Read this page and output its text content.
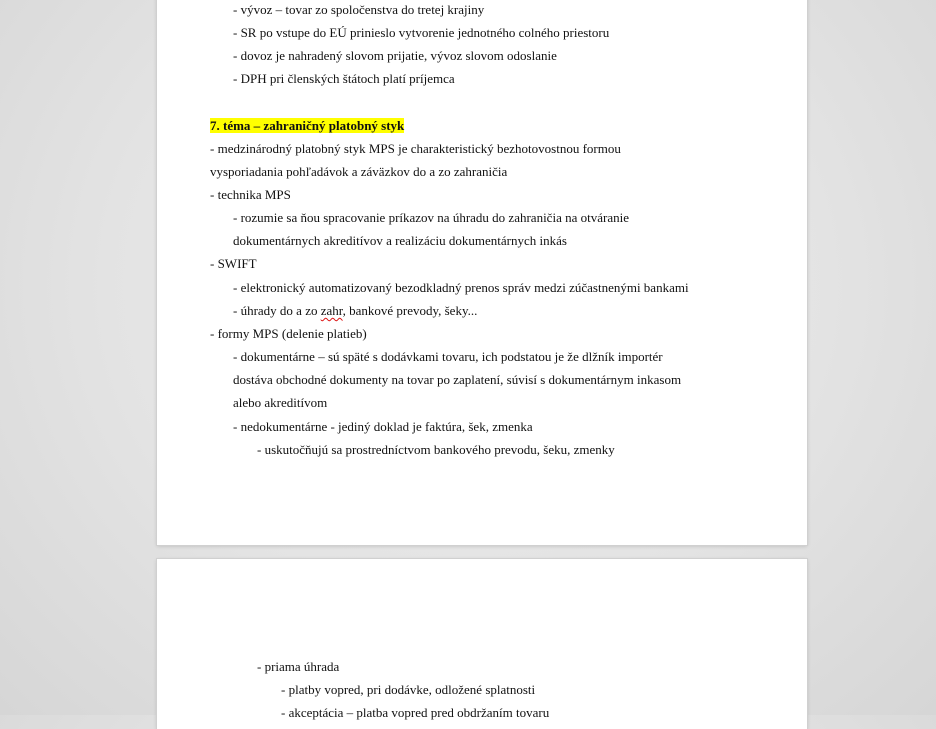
- vývoz – tovar zo spoločenstva do tretej krajiny
- SR po vstupe do EÚ prinieslo vytvorenie jednotného colného priestoru
- dovoz je nahradený slovom prijatie, vývoz slovom odoslanie
- DPH pri členských štátoch platí príjemca
7. téma – zahraničný platobný styk
- medzinárodný platobný styk MPS je charakteristický bezhotovostnou formou
vysporiadania pohľadávok a záväzkov do a zo zahraničia
- technika MPS
- rozumie sa ňou spracovanie príkazov na úhradu do zahraničia na otváranie
dokumentárnych akreditívov a realizáciu dokumentárnych inkás
- SWIFT
- elektronický automatizovaný bezodkladný prenos správ medzi zúčastnenými bankami
- úhrady do a zo zahr, bankové prevody, šeky...
- formy MPS (delenie platieb)
- dokumentárne – sú späté s dodávkami tovaru, ich podstatou je že dlžník importér
dostáva obchodné dokumenty na tovar po zaplatení, súvisí s dokumentárnym inkasom
alebo akreditívom
- nedokumentárne - jediný doklad je faktúra, šek, zmenka
- uskutočňujú sa prostredníctvom bankového prevodu, šeku, zmenky
- priama úhrada
- platby vopred, pri dodávke, odložené splatnosti
- akceptácia – platba vopred pred obdržaním tovaru
